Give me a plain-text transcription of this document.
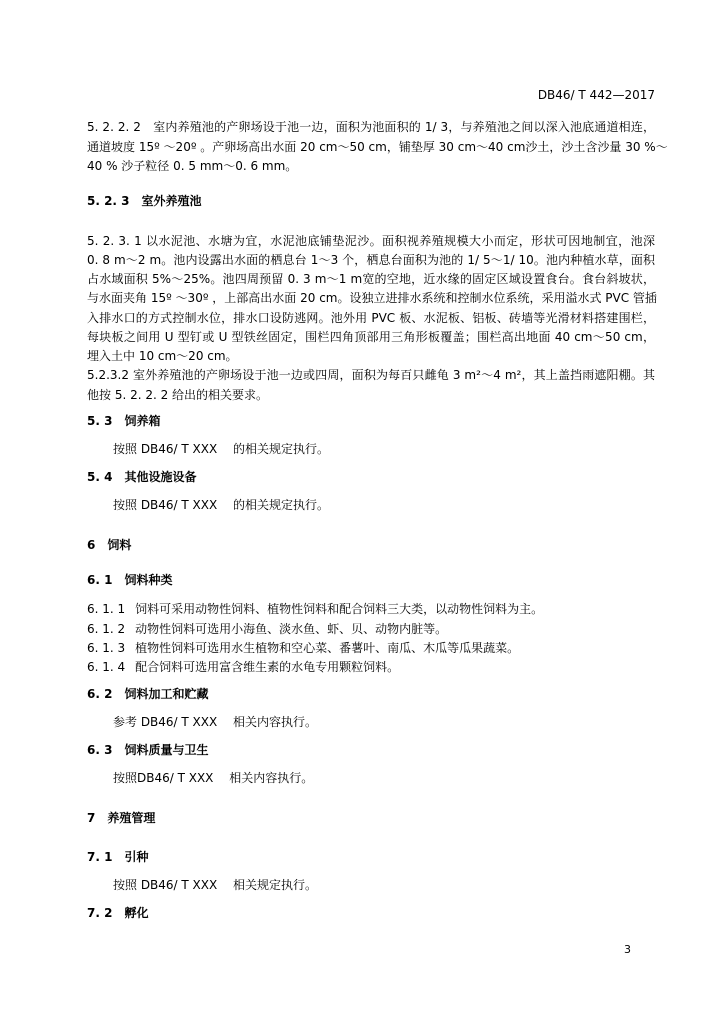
DB46/ T 442—2017
5. 2. 2. 2　室内养殖池的产卵场设于池一边，面积为池面积的 1/ 3，与养殖池之间以深入池底通道相连，
通道坡度 15º ～20º 。产卵场高出水面 20 cm～50 cm，铺垫厚 30 cm～40 cm沙土，沙土含沙量 30 %～
40 % 沙子粒径 0. 5 mm～0. 6 mm。
5. 2. 3 室外养殖池
5. 2. 3. 1 以水泥池、水塘为宜，水泥池底铺垫泥沙。面积视养殖规模大小而定，形状可因地制宜，池深
0. 8 m～2 m。池内设露出水面的栖息台 1～3 个，栖息台面积为池的 1/ 5～1/ 10。池内种植水草，面积
占水域面积 5%～25%。池四周预留 0. 3 m～1 m宽的空地，近水缘的固定区域设置食台。食台斜坡状，
与水面夹角 15º ～30º ，上部高出水面 20 cm。设独立进排水系统和控制水位系统，采用溢水式 PVC 管插
入排水口的方式控制水位，排水口设防逃网。池外用 PVC 板、水泥板、铝板、砖墙等光滑材料搭建围栏，
每块板之间用 U 型钉或 U 型铁丝固定，围栏四角顶部用三角形板覆盖；围栏高出地面 40 cm～50 cm，
埋入土中 10 cm～20 cm。
5.2.3.2 室外养殖池的产卵场设于池一边或四周，面积为每百只雌龟 3 m²～4 m²，其上盖挡雨遮阳棚。其
他按 5. 2. 2. 2 给出的相关要求。
5. 3 饲养箱
按照 DB46/ T XXX 　的相关规定执行。
5. 4 其他设施设备
按照 DB46/ T XXX 　的相关规定执行。
6 饲料
6. 1 饲料种类
6. 1. 1 饲料可采用动物性饲料、植物性饲料和配合饲料三大类，以动物性饲料为主。
6. 1. 2 动物性饲料可选用小海鱼、淡水鱼、虾、贝、动物内脏等。
6. 1. 3 植物性饲料可选用水生植物和空心菜、番薯叶、南瓜、木瓜等瓜果蔬菜。
6. 1. 4 配合饲料可选用富含维生素的水龟专用颗粒饲料。
6. 2 饲料加工和贮藏
参考 DB46/ T XXX 　相关内容执行。
6. 3 饲料质量与卫生
按照DB46/ T XXX 　相关内容执行。
7 养殖管理
7. 1 引种
按照 DB46/ T XXX 　相关规定执行。
7. 2 孵化
3
